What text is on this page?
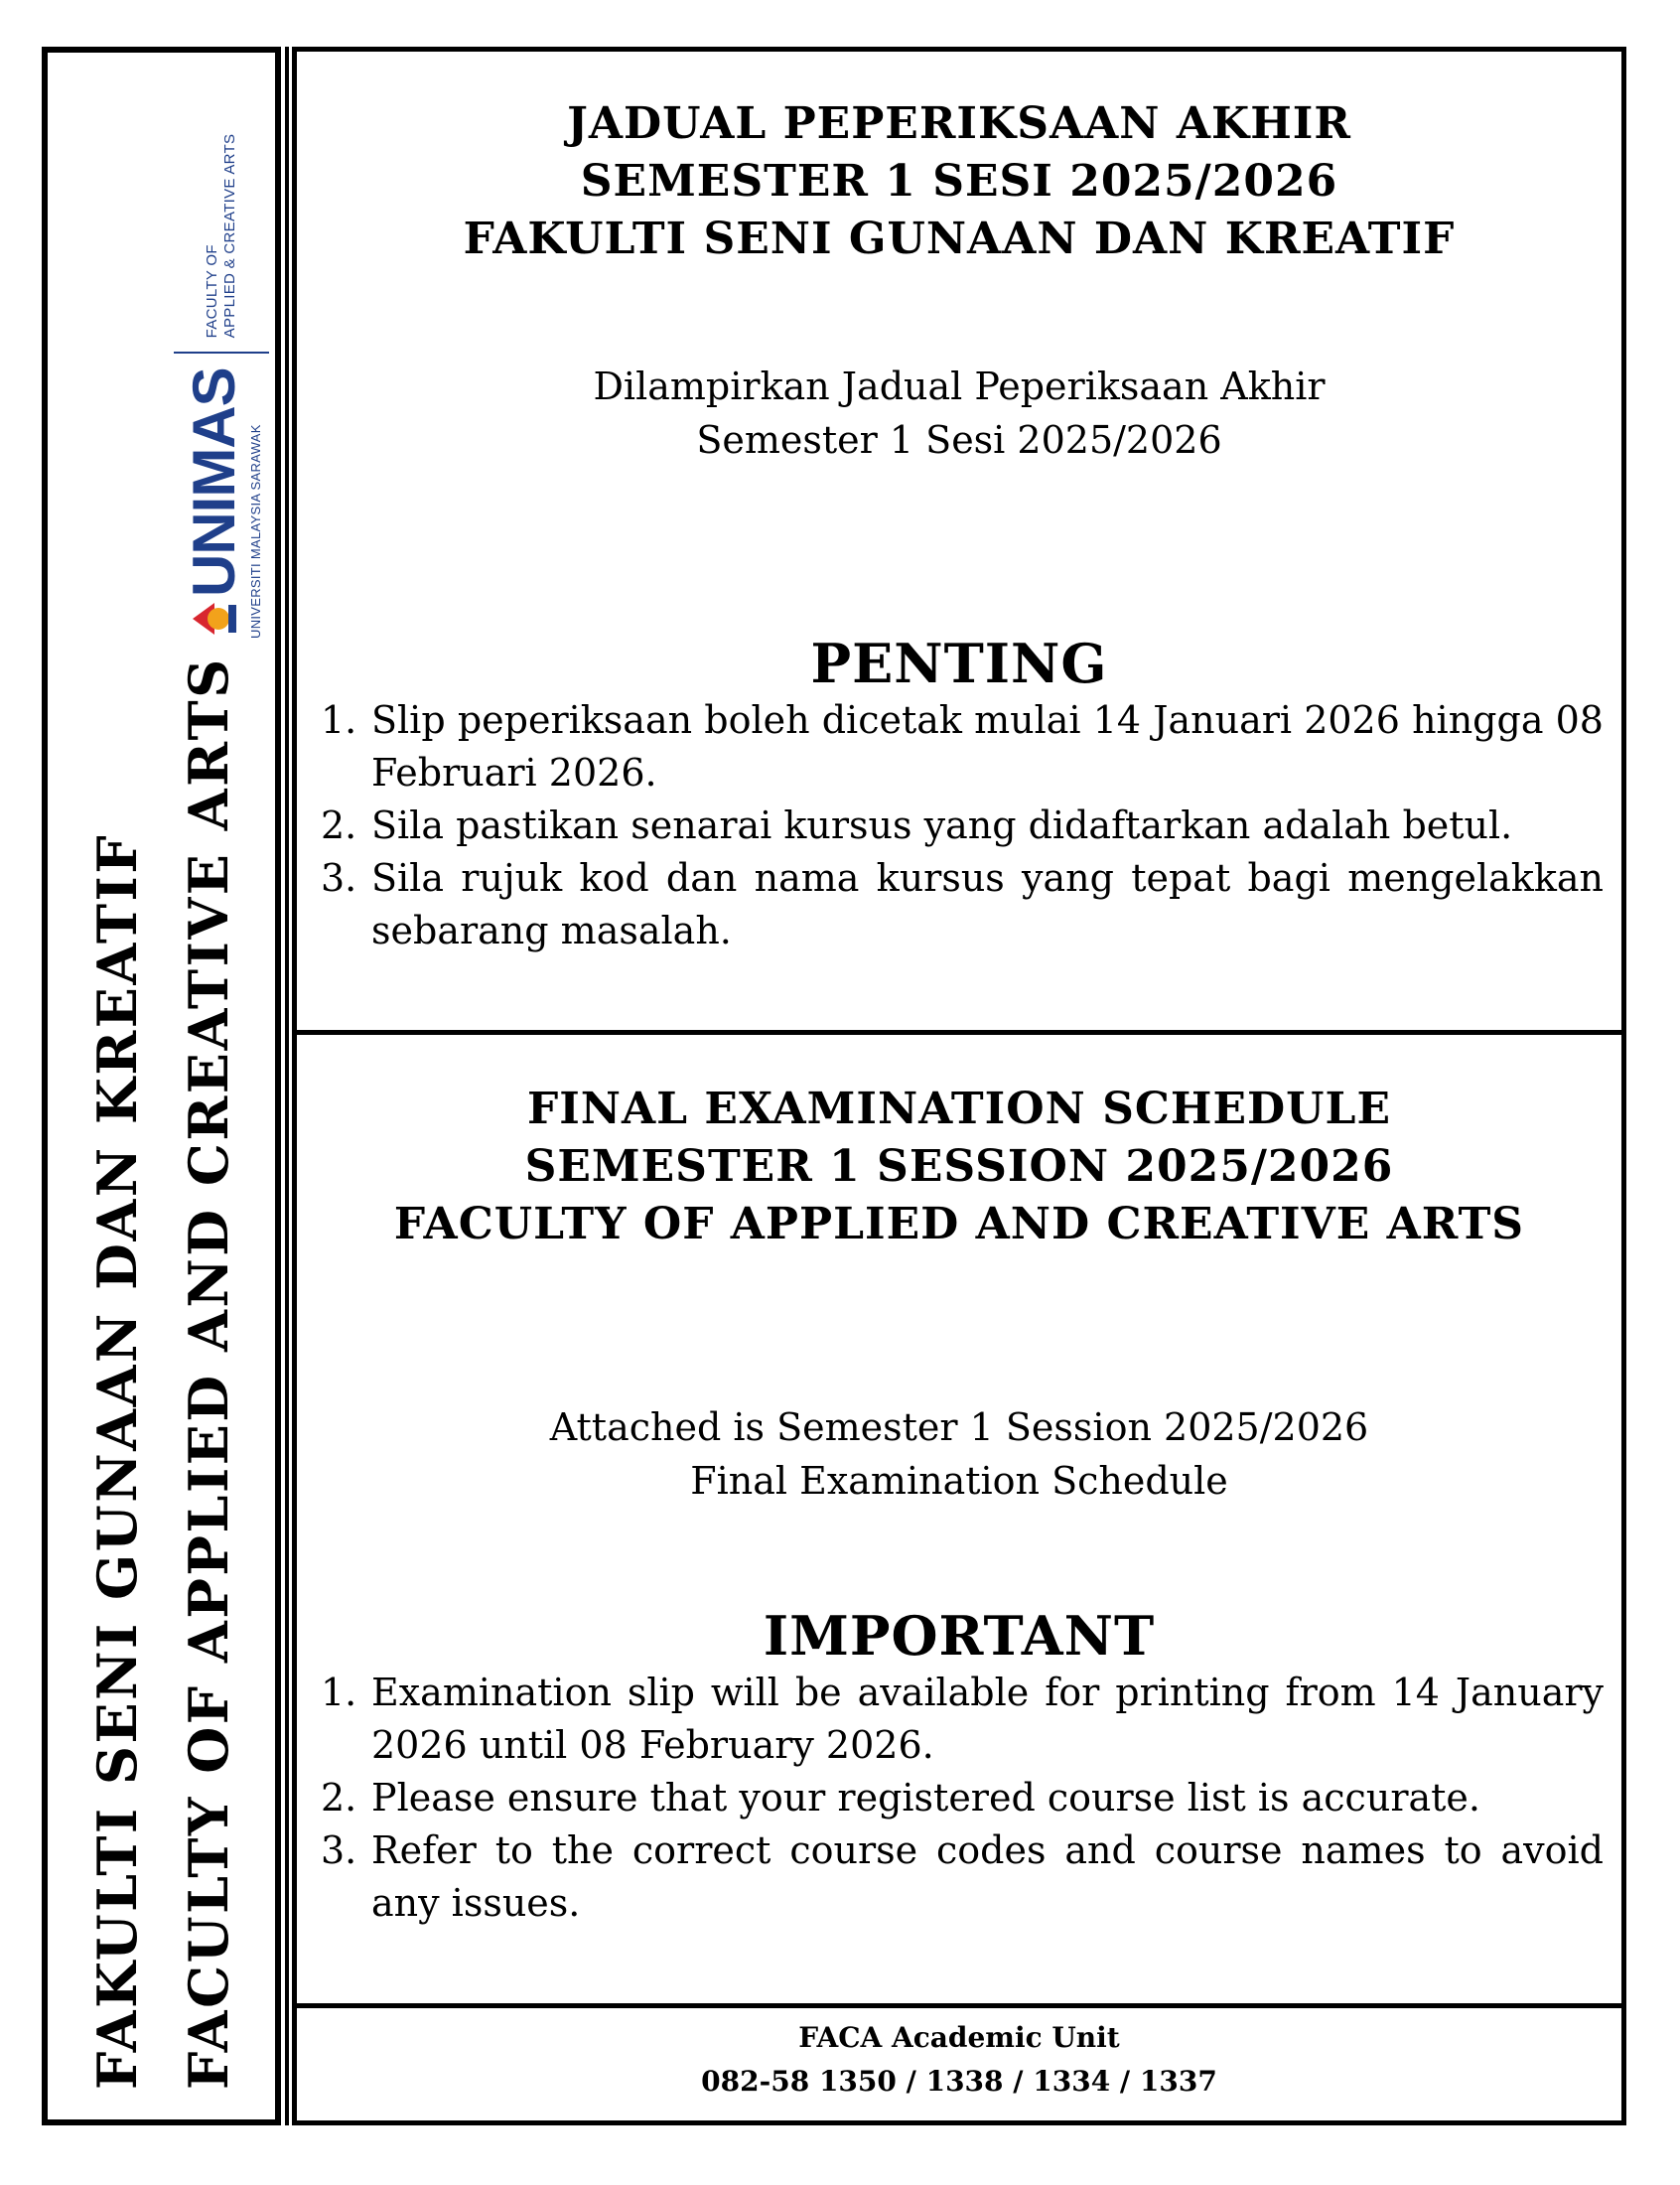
UNIMAS UNIVERSITI MALAYSIA SARAWAK
FACULTY OF APPLIED & CREATIVE ARTS
FAKULTI SENI GUNAAN DAN KREATIF FACULTY OF APPLIED AND CREATIVE ARTS
JADUAL PEPERIKSAAN AKHIR
SEMESTER 1 SESI 2025/2026
FAKULTI SENI GUNAAN DAN KREATIF
Dilampirkan Jadual Peperiksaan Akhir
Semester 1 Sesi 2025/2026
PENTING
1. Slip peperiksaan boleh dicetak mulai 14 Januari 2026 hingga 08 Februari 2026.
2. Sila pastikan senarai kursus yang didaftarkan adalah betul.
3. Sila rujuk kod dan nama kursus yang tepat bagi mengelakkan sebarang masalah.
FINAL EXAMINATION SCHEDULE
SEMESTER 1 SESSION 2025/2026
FACULTY OF APPLIED AND CREATIVE ARTS
Attached is Semester 1 Session 2025/2026
Final Examination Schedule
IMPORTANT
1. Examination slip will be available for printing from 14 January 2026 until 08 February 2026.
2. Please ensure that your registered course list is accurate.
3. Refer to the correct course codes and course names to avoid any issues.
FACA Academic Unit
082-58 1350 / 1338 / 1334 / 1337
